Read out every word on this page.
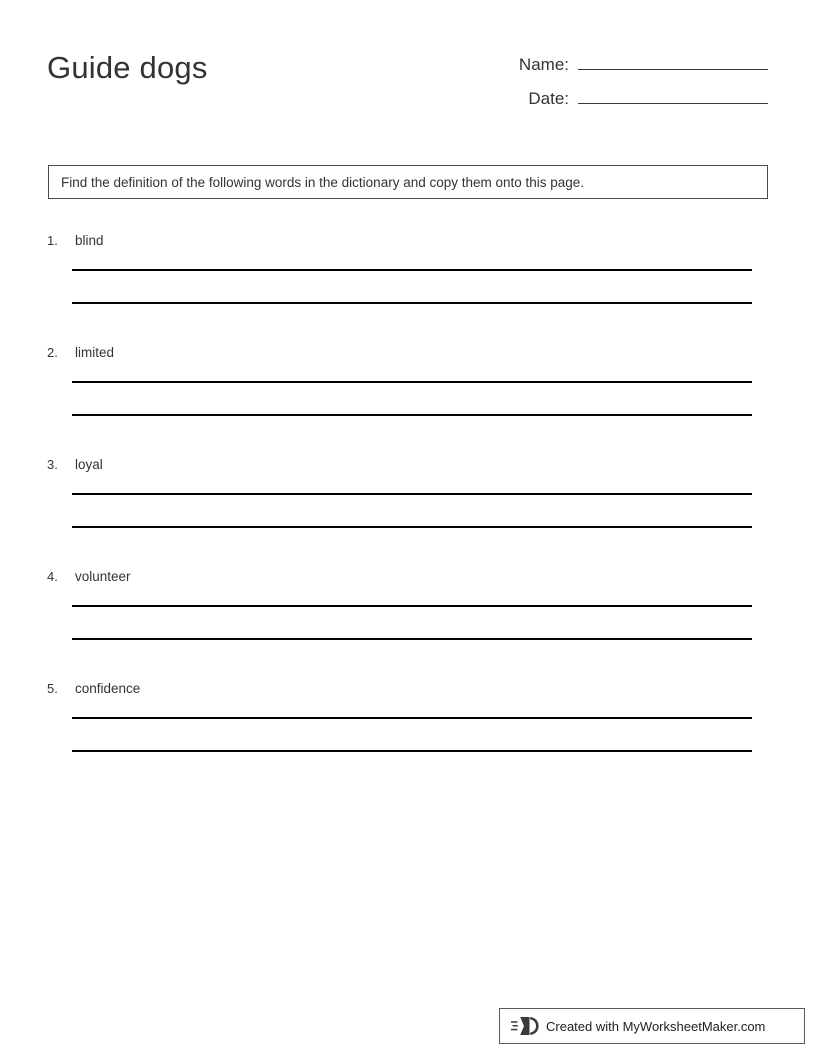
Guide dogs	Name:
Date:
Find the definition of the following words in the dictionary and copy them onto this page.
1.	blind
2.	limited
3.	loyal
4.	volunteer
5.	confidence
Created with MyWorksheetMaker.com
